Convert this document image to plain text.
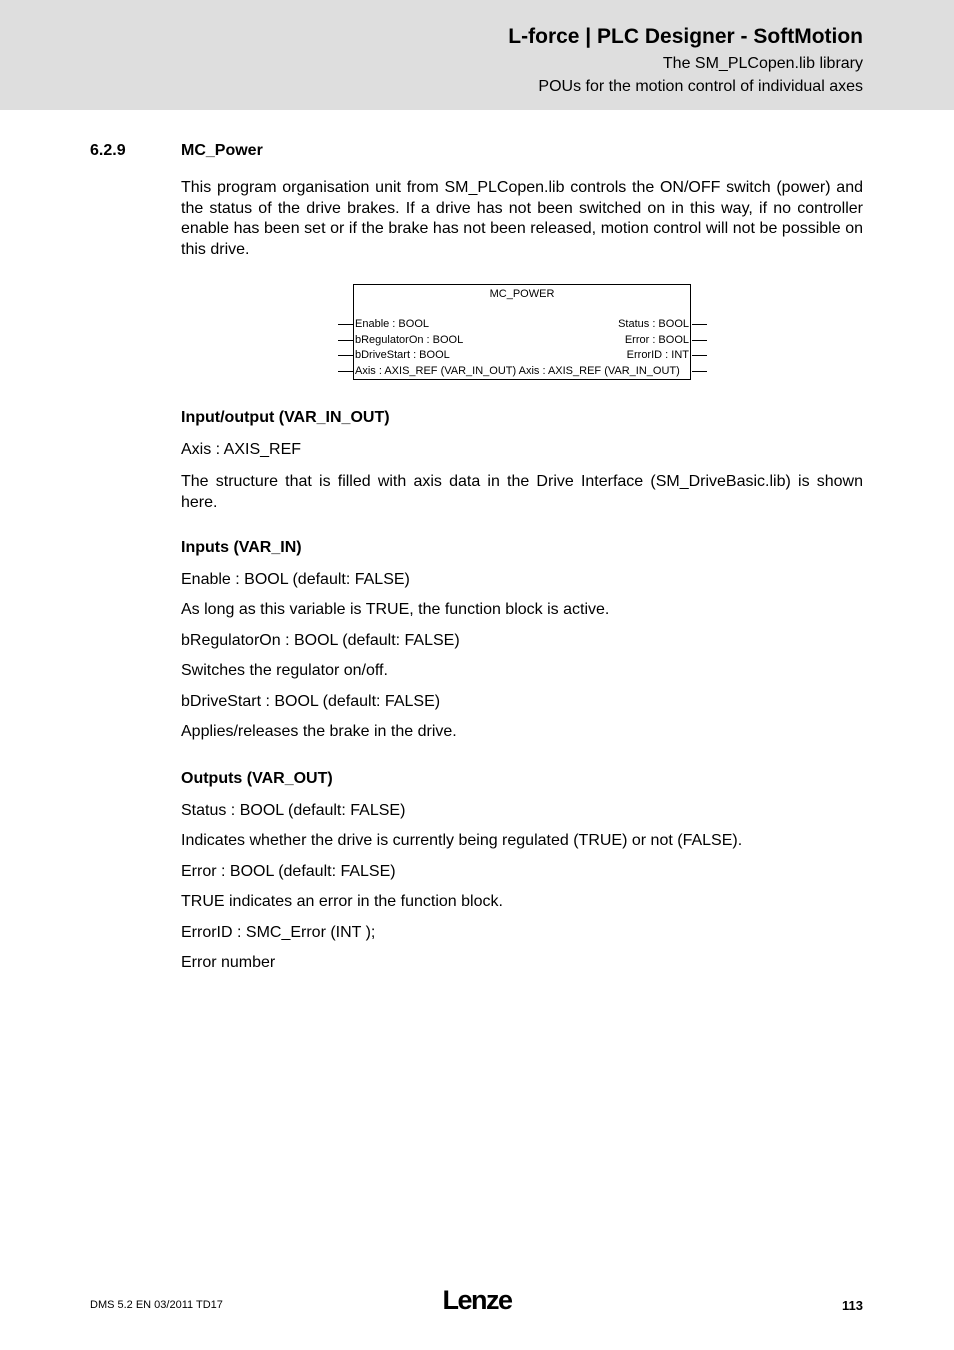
L-force | PLC Designer - SoftMotion
The SM_PLCopen.lib library
POUs for the motion control of individual axes
6.2.9	MC_Power
This program organisation unit from SM_PLCopen.lib controls the ON/OFF switch (power) and the status of the drive brakes. If a drive has not been switched on in this way, if no controller enable has been set or if the brake has not been released, motion control will not be possible on this drive.
MC_POWER
Enable : BOOL
bRegulatorOn : BOOL
bDriveStart : BOOL
Axis : AXIS_REF (VAR_IN_OUT) Axis : AXIS_REF (VAR_IN_OUT)
Status : BOOL
Error : BOOL
ErrorID : INT
Input/output (VAR_IN_OUT)
Axis : AXIS_REF
The structure that is filled with axis data in the Drive Interface (SM_DriveBasic.lib) is shown here.
Inputs (VAR_IN)
Enable : BOOL (default: FALSE)
As long as this variable is TRUE, the function block is active.
bRegulatorOn : BOOL (default: FALSE)
Switches the regulator on/off.
bDriveStart : BOOL (default: FALSE)
Applies/releases the brake in the drive.
Outputs (VAR_OUT)
Status : BOOL (default: FALSE)
Indicates whether the drive is currently being regulated (TRUE) or not (FALSE).
Error : BOOL (default: FALSE)
TRUE indicates an error in the function block.
ErrorID : SMC_Error (INT );
Error number
DMS 5.2 EN 03/2011 TD17	Lenze	113
